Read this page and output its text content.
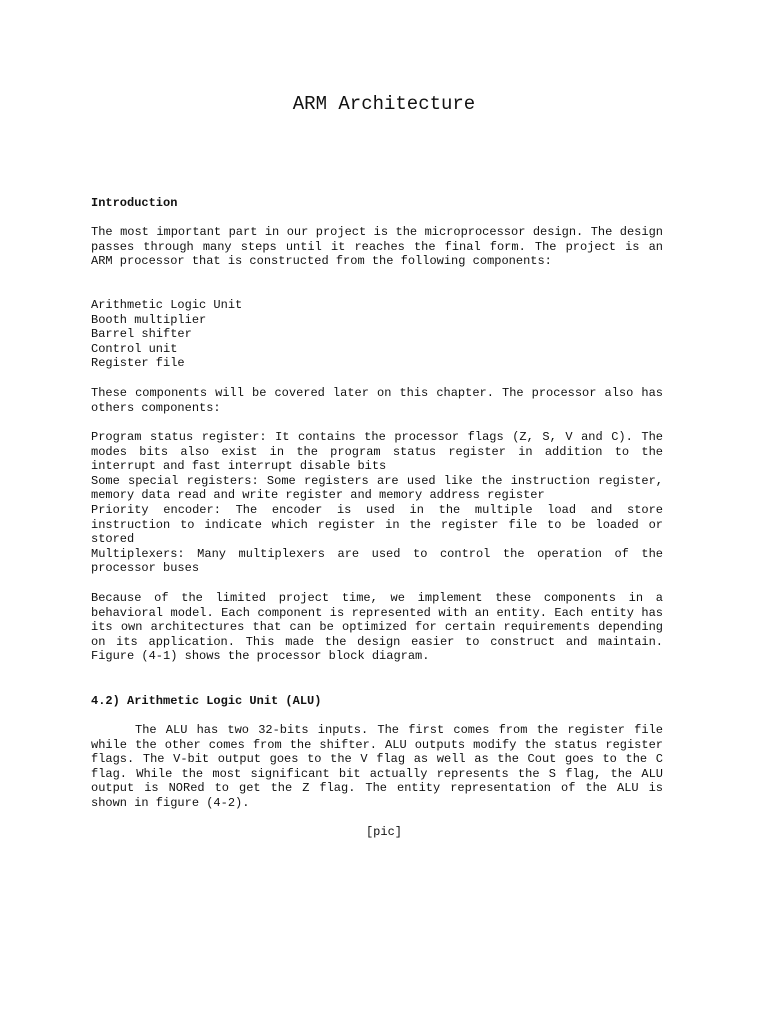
ARM Architecture
Introduction

The most important part in our project is the microprocessor design. The design passes through many steps until it reaches the final form. The project is an ARM processor that is constructed from the following components:

Arithmetic Logic Unit
Booth multiplier
Barrel shifter
Control unit
Register file

These components will be covered later on this chapter. The processor also has others components:

Program status register: It contains the processor flags (Z, S, V and C). The modes bits also exist in the program status register in addition to the interrupt and fast interrupt disable bits
Some special registers: Some registers are used like the instruction register, memory data read and write register and memory address register
Priority encoder: The encoder is used in the multiple load and store instruction to indicate which register in the register file to be loaded or stored
Multiplexers: Many multiplexers are used to control the operation of the processor buses

Because of the limited project time, we implement these components in a behavioral model. Each component is represented with an entity. Each entity has its own architectures that can be optimized for certain requirements depending on its application. This made the design easier to construct and maintain. Figure (4-1) shows the processor block diagram.

4.2) Arithmetic Logic Unit (ALU)

The ALU has two 32-bits inputs. The first comes from the register file while the other comes from the shifter. ALU outputs modify the status register flags. The V-bit output goes to the V flag as well as the Cout goes to the C flag. While the most significant bit actually represents the S flag, the ALU output is NORed to get the Z flag. The entity representation of the ALU is shown in figure (4-2).

[pic]
